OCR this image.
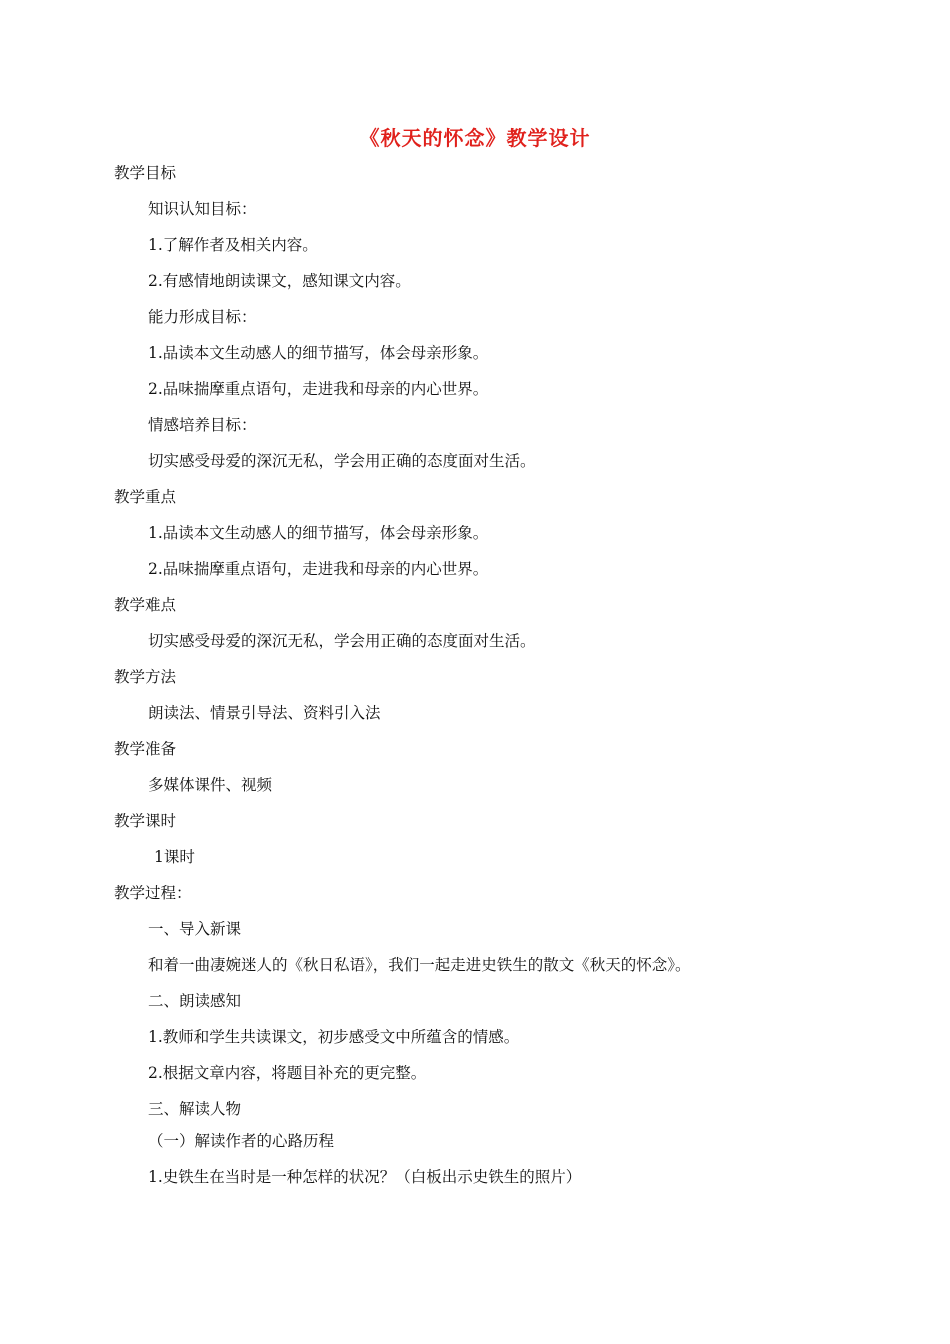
《秋天的怀念》教学设计
教学目标
知识认知目标：
1.了解作者及相关内容。
2.有感情地朗读课文，感知课文内容。
能力形成目标：
1.品读本文生动感人的细节描写，体会母亲形象。
2.品味揣摩重点语句，走进我和母亲的内心世界。
情感培养目标：
切实感受母爱的深沉无私，学会用正确的态度面对生活。
教学重点
1.品读本文生动感人的细节描写，体会母亲形象。
2.品味揣摩重点语句，走进我和母亲的内心世界。
教学难点
切实感受母爱的深沉无私，学会用正确的态度面对生活。
教学方法
朗读法、情景引导法、资料引入法
教学准备
多媒体课件、视频
教学课时
1课时
教学过程：
一、导入新课
和着一曲凄婉迷人的《秋日私语》，我们一起走进史铁生的散文《秋天的怀念》。
二、朗读感知
1.教师和学生共读课文，初步感受文中所蕴含的情感。
2.根据文章内容，将题目补充的更完整。
三、解读人物
（一）解读作者的心路历程
1.史铁生在当时是一种怎样的状况？（白板出示史铁生的照片）
